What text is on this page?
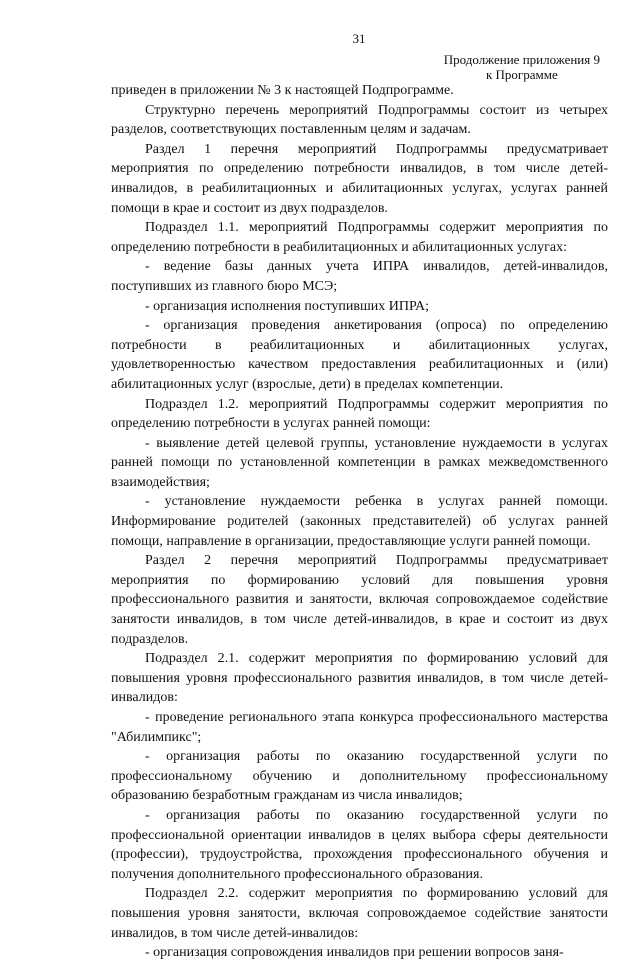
31
Продолжение приложения 9
к Программе

приведен в приложении № 3 к настоящей Подпрограмме.

Структурно перечень мероприятий Подпрограммы состоит из четырех разделов, соответствующих поставленным целям и задачам.

Раздел 1 перечня мероприятий Подпрограммы предусматривает мероприятия по определению потребности инвалидов, в том числе детей-инвалидов, в реабилитационных и абилитационных услугах, услугах ранней помощи в крае и состоит из двух подразделов.

Подраздел 1.1. мероприятий Подпрограммы содержит мероприятия по определению потребности в реабилитационных и абилитационных услугах:

- ведение базы данных учета ИПРА инвалидов, детей-инвалидов, поступивших из главного бюро МСЭ;

- организация исполнения поступивших ИПРА;

- организация проведения анкетирования (опроса) по определению потребности в реабилитационных и абилитационных услугах, удовлетворенностью качеством предоставления реабилитационных и (или) абилитационных услуг (взрослые, дети) в пределах компетенции.

Подраздел 1.2. мероприятий Подпрограммы содержит мероприятия по определению потребности в услугах ранней помощи:

- выявление детей целевой группы, установление нуждаемости в услугах ранней помощи по установленной компетенции в рамках межведомственного взаимодействия;

- установление нуждаемости ребенка в услугах ранней помощи. Информирование родителей (законных представителей) об услугах ранней помощи, направление в организации, предоставляющие услуги ранней помощи.

Раздел 2 перечня мероприятий Подпрограммы предусматривает мероприятия по формированию условий для повышения уровня профессионального развития и занятости, включая сопровождаемое содействие занятости инвалидов, в том числе детей-инвалидов, в крае и состоит из двух подразделов.

Подраздел 2.1. содержит мероприятия по формированию условий для повышения уровня профессионального развития инвалидов, в том числе детей-инвалидов:

- проведение регионального этапа конкурса профессионального мастерства "Абилимпикс";

- организация работы по оказанию государственной услуги по профессиональному обучению и дополнительному профессиональному образованию безработным гражданам из числа инвалидов;

- организация работы по оказанию государственной услуги по профессиональной ориентации инвалидов в целях выбора сферы деятельности (профессии), трудоустройства, прохождения профессионального обучения и получения дополнительного профессионального образования.

Подраздел 2.2. содержит мероприятия по формированию условий для повышения уровня занятости, включая сопровождаемое содействие занятости инвалидов, в том числе детей-инвалидов:

- организация сопровождения инвалидов при решении вопросов заня-
